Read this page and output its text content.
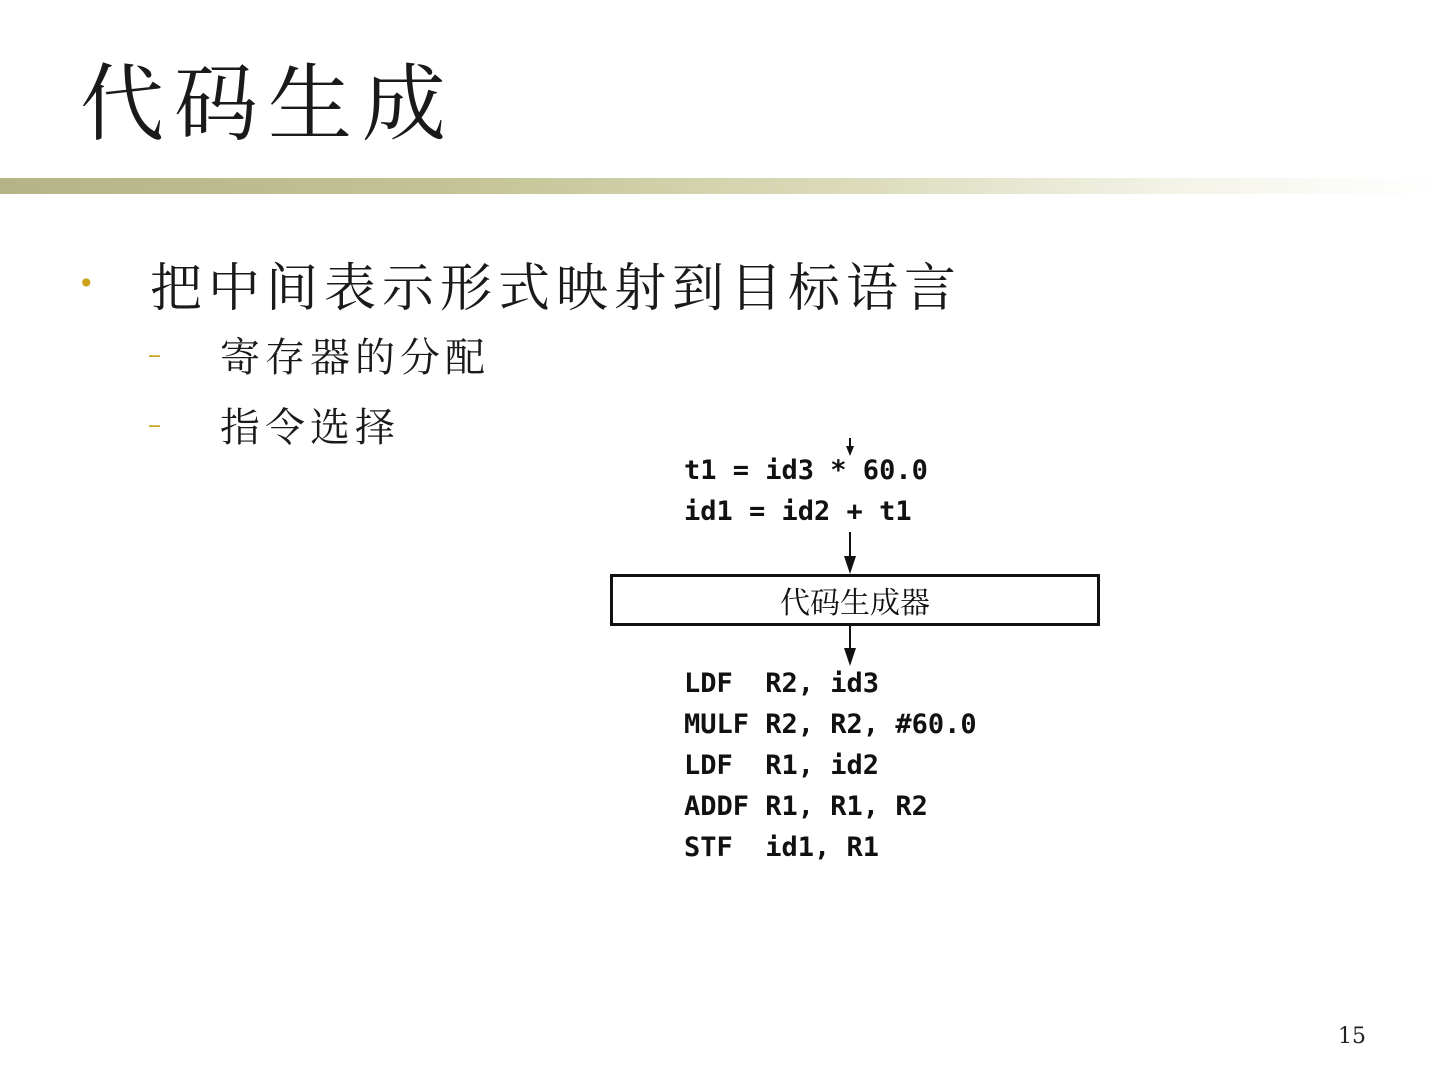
代码生成
•	把中间表示形式映射到目标语言
–	寄存器的分配
–	指令选择
t1 = id3 * 60.0
id1 = id2 + t1
代码生成器
LDF  R2, id3
MULF R2, R2, #60.0
LDF  R1, id2
ADDF R1, R1, R2
STF  id1, R1
15
